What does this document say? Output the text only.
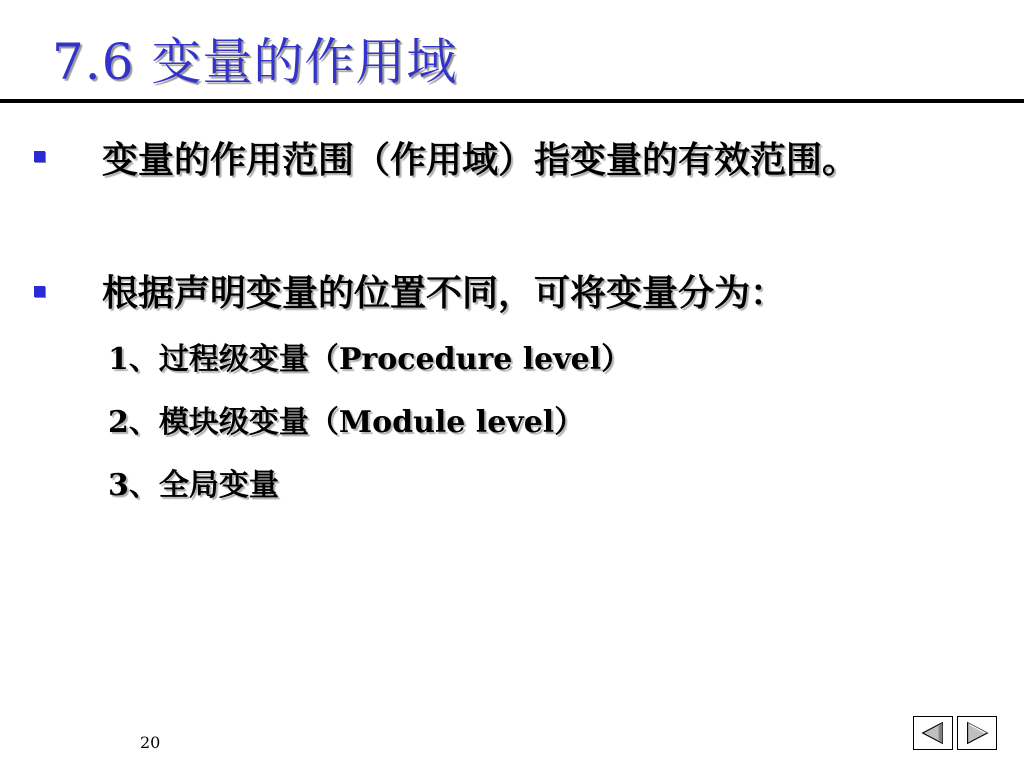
7.6 变量的作用域
变量的作用范围（作用域）指变量的有效范围。
根据声明变量的位置不同，可将变量分为：
1、过程级变量（Procedure level）
2、模块级变量（Module level）
3、全局变量
20
